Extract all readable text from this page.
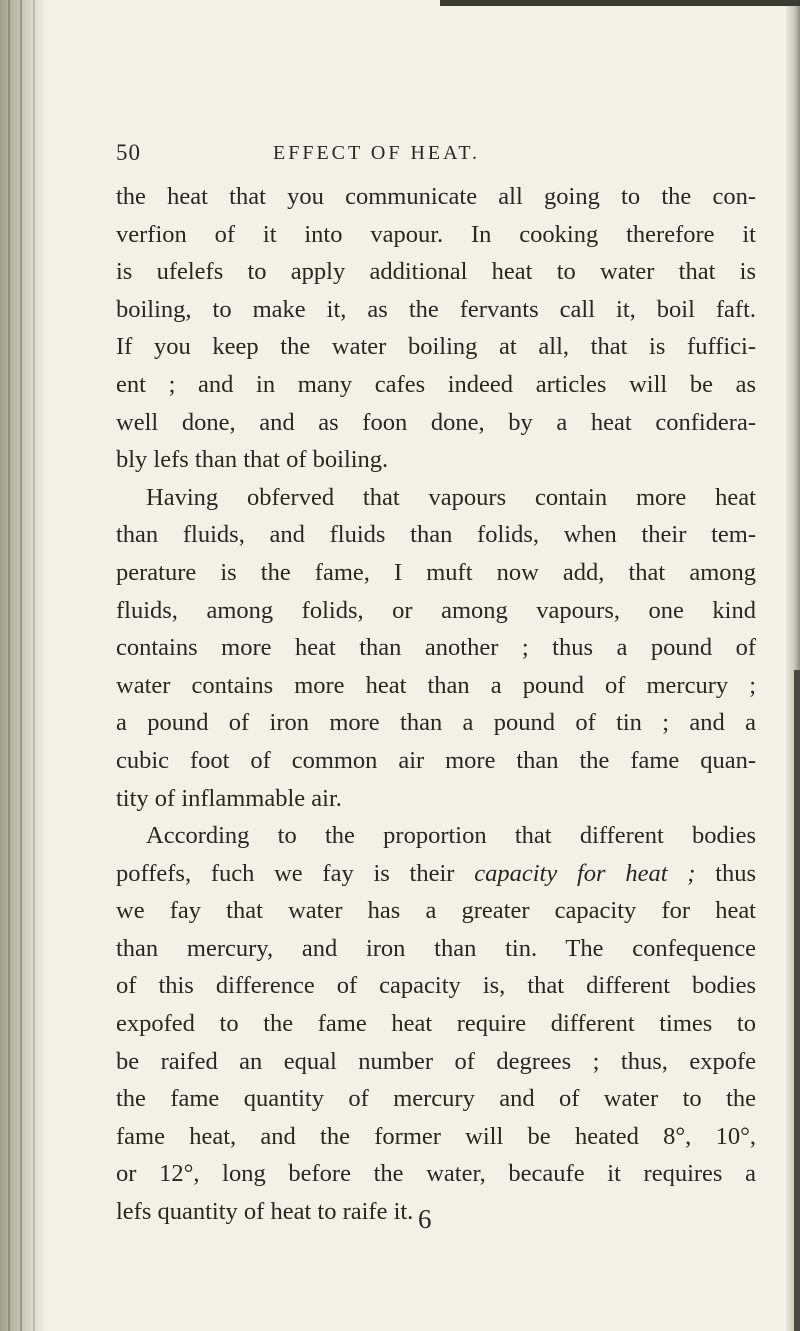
50	EFFECT OF HEAT.
the heat that you communicate all going to the con-
verfion of it into vapour. In cooking therefore it
is ufelefs to apply additional heat to water that is
boiling, to make it, as the fervants call it, boil faft.
If you keep the water boiling at all, that is fuffici-
ent ; and in many cafes indeed articles will be as
well done, and as foon done, by a heat confidera-
bly lefs than that of boiling.
Having obferved that vapours contain more heat
than fluids, and fluids than folids, when their tem-
perature is the fame, I muft now add, that among
fluids, among folids, or among vapours, one kind
contains more heat than another ; thus a pound of
water contains more heat than a pound of mercury ;
a pound of iron more than a pound of tin ; and a
cubic foot of common air more than the fame quan-
tity of inflammable air.
According to the proportion that different bodies
poffefs, fuch we fay is their capacity for heat ; thus
we fay that water has a greater capacity for heat
than mercury, and iron than tin. The confequence
of this difference of capacity is, that different bodies
expofed to the fame heat require different times to
be raifed an equal number of degrees ; thus, expofe
the fame quantity of mercury and of water to the
fame heat, and the former will be heated 8°, 10°,
or 12°, long before the water, becaufe it requires a
lefs quantity of heat to raife it. 6
